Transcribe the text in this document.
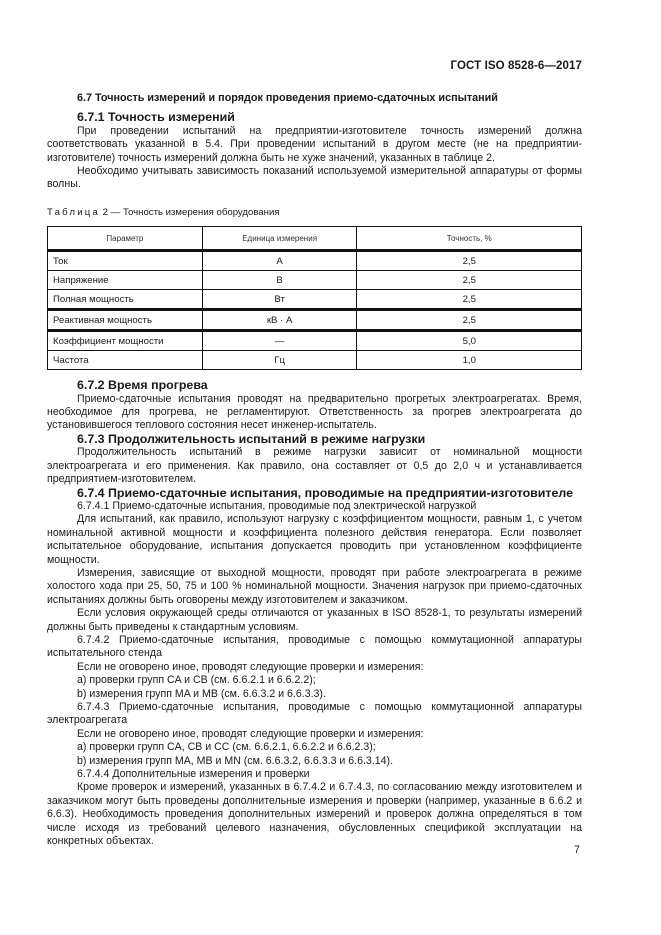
ГОСТ ISO 8528-6—2017
6.7 Точность измерений и порядок проведения приемо-сдаточных испытаний
6.7.1 Точность измерений

При проведении испытаний на предприятии-изготовителе точность измерений должна соответствовать указанной в 5.4. При проведении испытаний в другом месте (не на предприятии-изготовителе) точность измерений должна быть не хуже значений, указанных в таблице 2.

Необходимо учитывать зависимость показаний используемой измерительной аппаратуры от формы волны.

Таблица 2 — Точность измерения оборудования
Параметр	Единица измерения	Точность, %
Ток	А	2,5
Напряжение	В	2,5
Полная мощность	Вт	2,5
Реактивная мощность	кВ · А	2,5
Коэффициент мощности	—	5,0
Частота	Гц	1,0
6.7.2 Время прогрева

Приемо-сдаточные испытания проводят на предварительно прогретых электроагрегатах. Время, необходимое для прогрева, не регламентируют. Ответственность за прогрев электроагрегата до установившегося теплового состояния несет инженер-испытатель.

6.7.3 Продолжительность испытаний в режиме нагрузки

Продолжительность испытаний в режиме нагрузки зависит от номинальной мощности электроагрегата и его применения. Как правило, она составляет от 0,5 до 2,0 ч и устанавливается предприятием-изготовителем.

6.7.4 Приемо-сдаточные испытания, проводимые на предприятии-изготовителе

6.7.4.1 Приемо-сдаточные испытания, проводимые под электрической нагрузкой

Для испытаний, как правило, используют нагрузку с коэффициентом мощности, равным 1, с учетом номинальной активной мощности и коэффициента полезного действия генератора. Если позволяет испытательное оборудование, испытания допускается проводить при установленном коэффициенте мощности.

Измерения, зависящие от выходной мощности, проводят при работе электроагрегата в режиме холостого хода при 25, 50, 75 и 100 % номинальной мощности. Значения нагрузок при приемо-сдаточных испытаниях должны быть оговорены между изготовителем и заказчиком.

Если условия окружающей среды отличаются от указанных в ISO 8528-1, то результаты измерений должны быть приведены к стандартным условиям.

6.7.4.2 Приемо-сдаточные испытания, проводимые с помощью коммутационной аппаратуры испытательного стенда

Если не оговорено иное, проводят следующие проверки и измерения:

a) проверки групп CA и CB (см. 6.6.2.1 и 6.6.2.2);

b) измерения групп MA и MB (см. 6.6.3.2 и 6.6.3.3).

6.7.4.3 Приемо-сдаточные испытания, проводимые с помощью коммутационной аппаратуры электроагрегата

Если не оговорено иное, проводят следующие проверки и измерения:

a) проверки групп CA, CB и CC (см. 6.6.2.1, 6.6.2.2 и 6.6.2.3);

b) измерения групп MA, MB и MN (см. 6.6.3.2, 6.6.3.3 и 6.6.3.14).

6.7.4.4 Дополнительные измерения и проверки

Кроме проверок и измерений, указанных в 6.7.4.2 и 6.7.4.3, по согласованию между изготовителем и заказчиком могут быть проведены дополнительные измерения и проверки (например, указанные в 6.6.2 и 6.6.3). Необходимость проведения дополнительных измерений и проверок должна определяться в том числе исходя из требований целевого назначения, обусловленных спецификой эксплуатации на конкретных объектах.

7
